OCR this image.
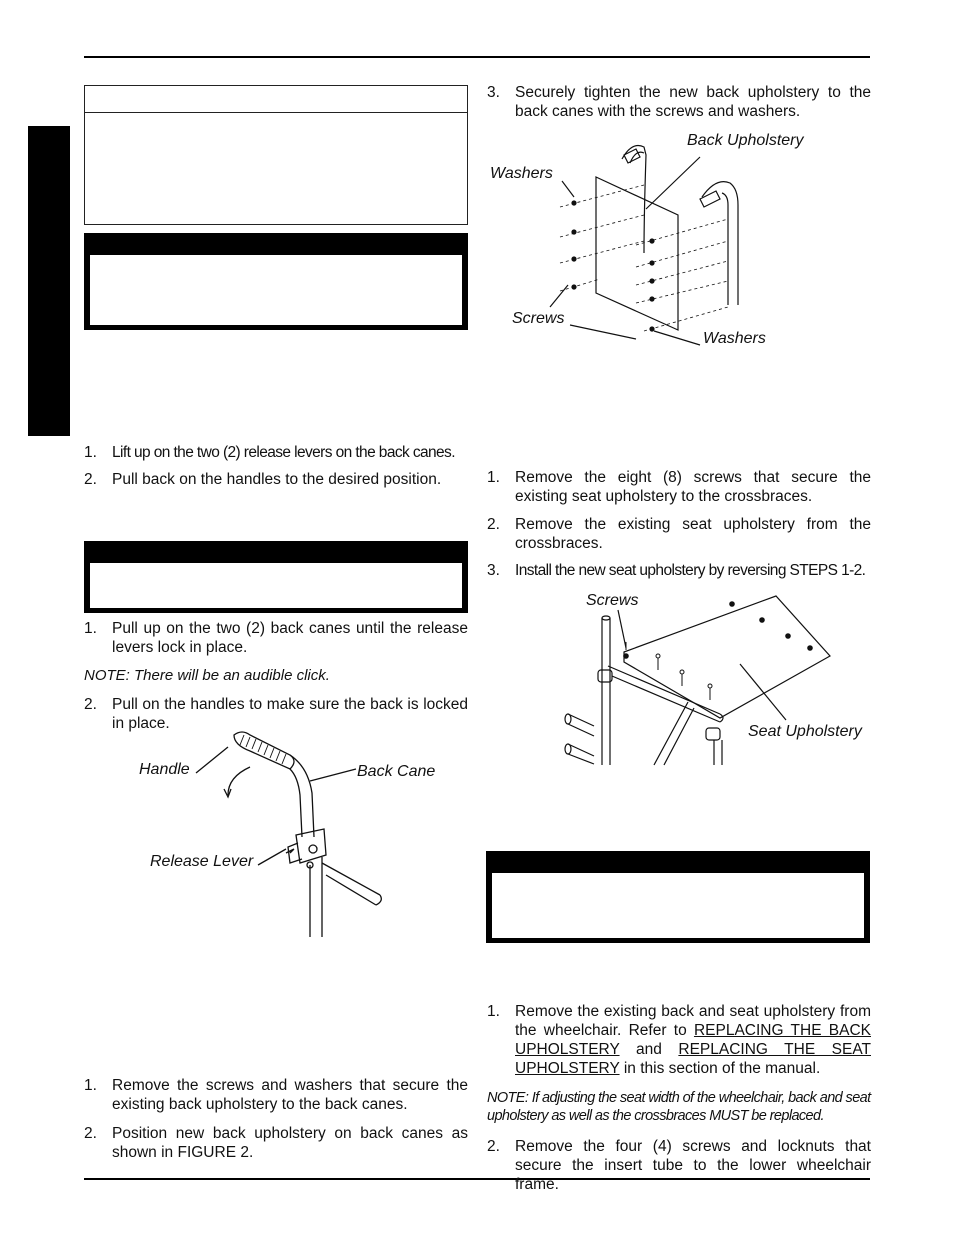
1. Lift up on the two (2) release levers on the back canes.
2. Pull back on the handles to the desired position.
1. Pull up on the two (2) back canes until the release levers lock in place.
NOTE: There will be an audible click.
2. Pull on the handles to make sure the back is locked in place.
Handle	Back Cane
Release Lever
1. Remove the screws and washers that secure the existing back upholstery to the back canes.
2. Position new back upholstery on back canes as shown in FIGURE 2.
3. Securely tighten the new back upholstery to the back canes with the screws and washers.
Back Upholstery
Washers
Screws
Washers
1. Remove the eight (8) screws that secure the existing seat upholstery to the crossbraces.
2. Remove the existing seat upholstery from the crossbraces.
3. Install the new seat upholstery by reversing STEPS 1-2.
Screws
Seat Upholstery
1. Remove the existing back and seat upholstery from the wheelchair. Refer to REPLACING THE BACK UPHOLSTERY and REPLACING THE SEAT UPHOLSTERY in this section of the manual.
NOTE: If adjusting the seat width of the wheelchair, back and seat upholstery as well as the crossbraces MUST be replaced.
2. Remove the four (4) screws and locknuts that secure the insert tube to the lower wheelchair frame.
